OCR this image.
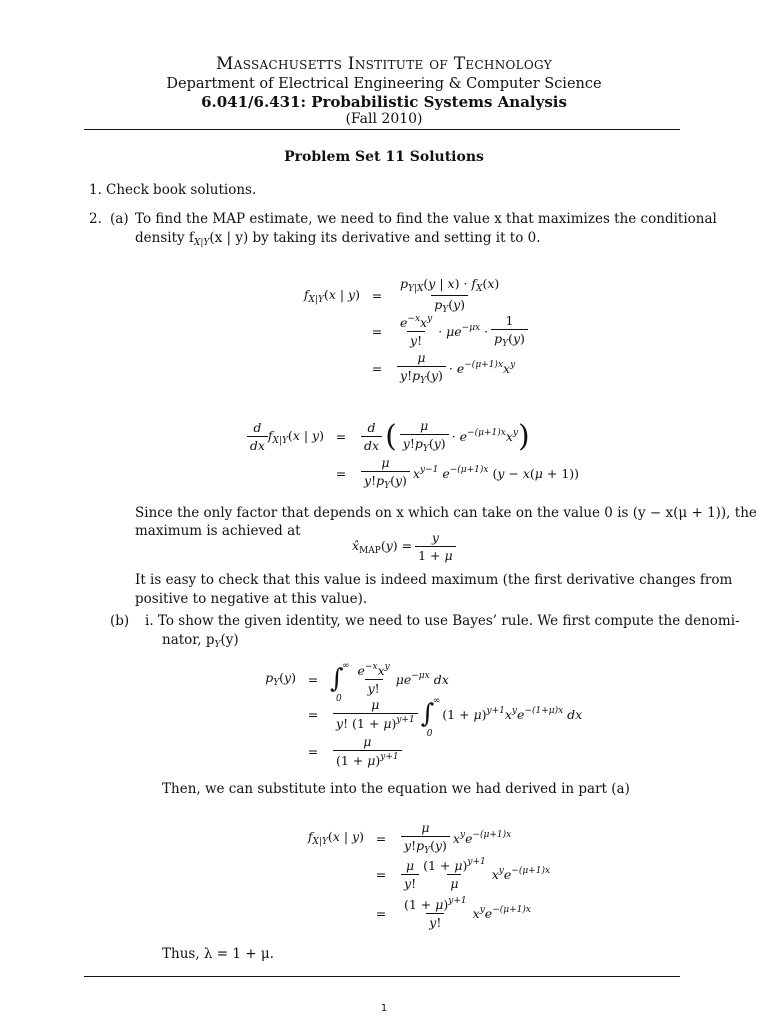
Massachusetts Institute of Technology
Department of Electrical Engineering & Computer Science
6.041/6.431: Probabilistic Systems Analysis
(Fall 2010)
Problem Set 11 Solutions
1. Check book solutions.
2. (a) To find the MAP estimate, we need to find the value x that maximizes the conditional
density $f_{X|Y}(x$ | y) by taking its derivative and setting it to 0.
$f_{X|Y}(x$ | y) =	$\frac{p_{Y|X}(y | x) \cdot f_X(x)}{p_Y(y)}$
=	$\frac{e^{-x}x^y}{y!} \cdot \mu e^{-\mu x} \cdot \frac{1}{p_Y(y)}$
=	$\frac{\mu}{y!p_Y(y)} \cdot e^{-(\mu+1)x}x^y$
$\frac{d}{dx} f_{X|Y}(x$ | y) =	$\frac{d}{dx}$ ( $\frac{\mu}{y!p_Y(y)} \cdot e^{-(\mu+1)x}x^y$ )
=	$\frac{\mu}{y!p_Y(y)} x^{y-1}$ $e^{-(\mu+1)x}$ (y − x(μ + 1))
Since the only factor that depends on x which can take on the value 0 is (y − x(μ + 1)), the
maximum is achieved at
$x̂_{MAP}(y) = \frac{y}{1 + \mu}$
It is easy to check that this value is indeed maximum (the first derivative changes from
positive to negative at this value).
(b) i. To show the given identity, we need to use Bayes’ rule. We first compute the denomi-
nator, $p_Y(y)$
$p_Y(y)$ = ∫
∞
0
$\frac{e^{-x}x^y}{y!} \mu e^{-\mu x}$ dx
=	$\frac{\mu}{y! (1 + \mu)^{y+1}}$ ∫
∞
0
$(1 + \mu)^{y+1}x^ye^{-(1+\mu)x}$ dx
=	$\frac{\mu}{(1 + \mu)^{y+1}}$
Then, we can substitute into the equation we had derived in part (a)
$f_{X|Y}(x$ | y) =	$\frac{\mu}{y!p_Y(y)} x^ye^{-(\mu+1)x}$
=	$\frac{\mu}{y!} \frac{(1 + \mu)^{y+1}}{\mu} x^ye^{-(\mu+1)x}$
=	$\frac{(1 + \mu)^{y+1}}{y!} x^ye^{-(\mu+1)x}$
Thus, λ = 1 + μ.
1
